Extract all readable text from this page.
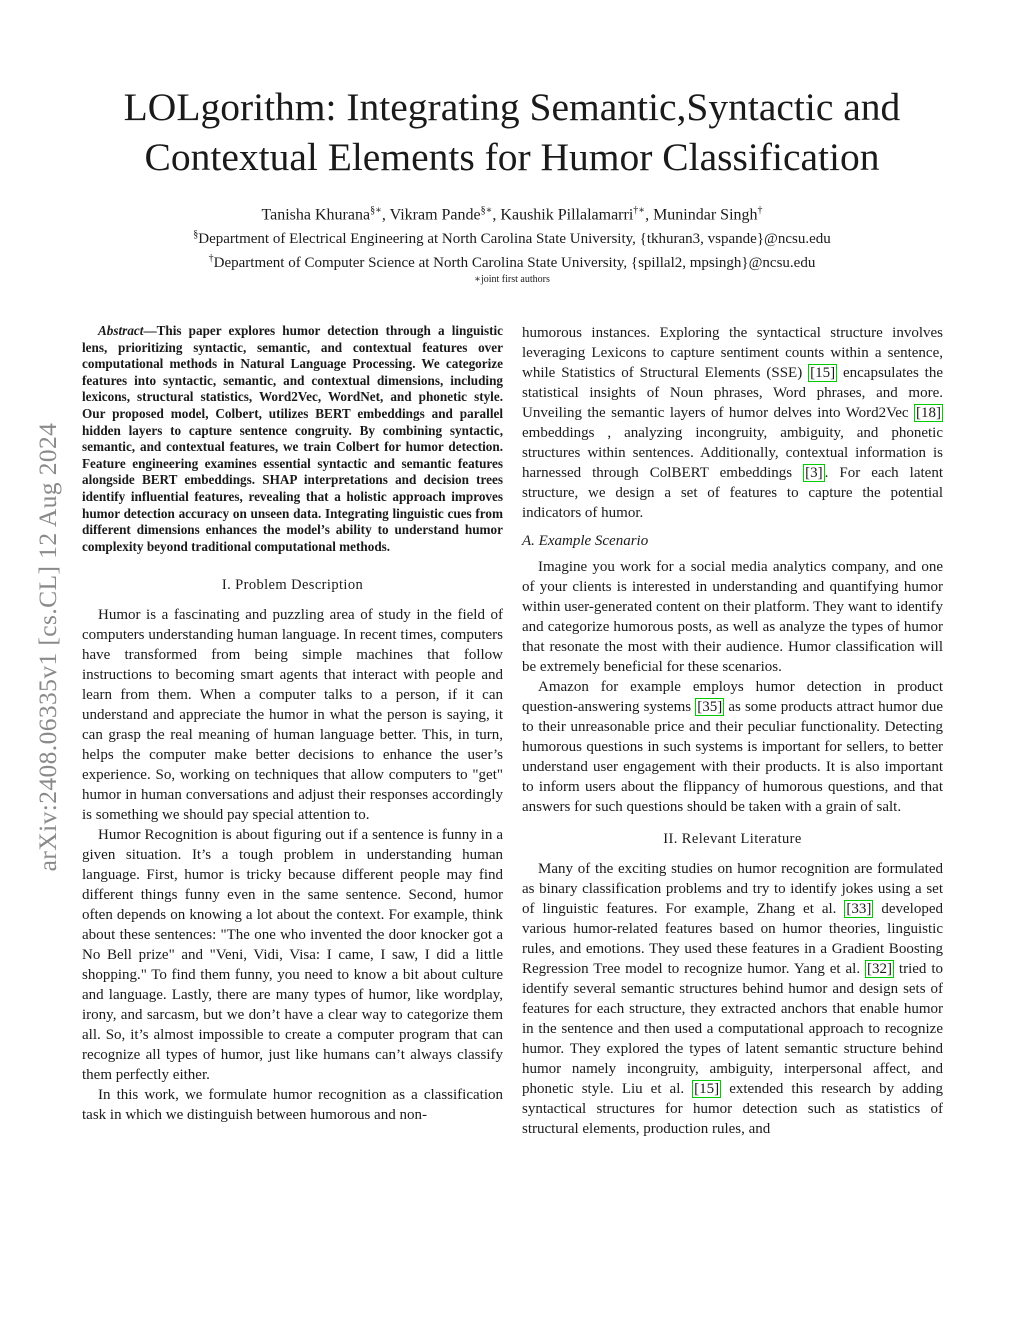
arXiv:2408.06335v1 [cs.CL] 12 Aug 2024
LOLgorithm: Integrating Semantic,Syntactic and Contextual Elements for Humor Classification
Tanisha Khurana§∗, Vikram Pande§∗, Kaushik Pillalamarri†∗, Munindar Singh†
§Department of Electrical Engineering at North Carolina State University, {tkhuran3, vspande}@ncsu.edu
†Department of Computer Science at North Carolina State University, {spillal2, mpsingh}@ncsu.edu
∗joint first authors

Abstract—This paper explores humor detection through a linguistic lens, prioritizing syntactic, semantic, and contextual features over computational methods in Natural Language Processing. We categorize features into syntactic, semantic, and contextual dimensions, including lexicons, structural statistics, Word2Vec, WordNet, and phonetic style. Our proposed model, Colbert, utilizes BERT embeddings and parallel hidden layers to capture sentence congruity. By combining syntactic, semantic, and contextual features, we train Colbert for humor detection. Feature engineering examines essential syntactic and semantic features alongside BERT embeddings. SHAP interpretations and decision trees identify influential features, revealing that a holistic approach improves humor detection accuracy on unseen data. Integrating linguistic cues from different dimensions enhances the model’s ability to understand humor complexity beyond traditional computational methods.

I. Problem Description

Humor is a fascinating and puzzling area of study in the field of computers understanding human language. In recent times, computers have transformed from being simple machines that follow instructions to becoming smart agents that interact with people and learn from them. When a computer talks to a person, if it can understand and appreciate the humor in what the person is saying, it can grasp the real meaning of human language better. This, in turn, helps the computer make better decisions to enhance the user’s experience. So, working on techniques that allow computers to "get" humor in human conversations and adjust their responses accordingly is something we should pay special attention to.

Humor Recognition is about figuring out if a sentence is funny in a given situation. It’s a tough problem in understanding human language. First, humor is tricky because different people may find different things funny even in the same sentence. Second, humor often depends on knowing a lot about the context. For example, think about these sentences: "The one who invented the door knocker got a No Bell prize" and "Veni, Vidi, Visa: I came, I saw, I did a little shopping." To find them funny, you need to know a bit about culture and language. Lastly, there are many types of humor, like wordplay, irony, and sarcasm, but we don’t have a clear way to categorize them all. So, it’s almost impossible to create a computer program that can recognize all types of humor, just like humans can’t always classify them perfectly either.

In this work, we formulate humor recognition as a classification task in which we distinguish between humorous and non-

humorous instances. Exploring the syntactical structure involves leveraging Lexicons to capture sentiment counts within a sentence, while Statistics of Structural Elements (SSE) [15] encapsulates the statistical insights of Noun phrases, Word phrases, and more. Unveiling the semantic layers of humor delves into Word2Vec [18] embeddings , analyzing incongruity, ambiguity, and phonetic structures within sentences. Additionally, contextual information is harnessed through ColBERT embeddings [3] . For each latent structure, we design a set of features to capture the potential indicators of humor.

A. Example Scenario

Imagine you work for a social media analytics company, and one of your clients is interested in understanding and quantifying humor within user-generated content on their platform. They want to identify and categorize humorous posts, as well as analyze the types of humor that resonate the most with their audience. Humor classification will be extremely beneficial for these scenarios.

Amazon for example employs humor detection in product question-answering systems [35] as some products attract humor due to their unreasonable price and their peculiar functionality. Detecting humorous questions in such systems is important for sellers, to better understand user engagement with their products. It is also important to inform users about the flippancy of humorous questions, and that answers for such questions should be taken with a grain of salt.

II. Relevant Literature

Many of the exciting studies on humor recognition are formulated as binary classification problems and try to identify jokes using a set of linguistic features. For example, Zhang et al. [33] developed various humor-related features based on humor theories, linguistic rules, and emotions. They used these features in a Gradient Boosting Regression Tree model to recognize humor. Yang et al. [32] tried to identify several semantic structures behind humor and design sets of features for each structure, they extracted anchors that enable humor in the sentence and then used a computational approach to recognize humor. They explored the types of latent semantic structure behind humor namely incongruity, ambiguity, interpersonal affect, and phonetic style. Liu et al. [15] extended this research by adding syntactical structures for humor detection such as statistics of structural elements, production rules, and
